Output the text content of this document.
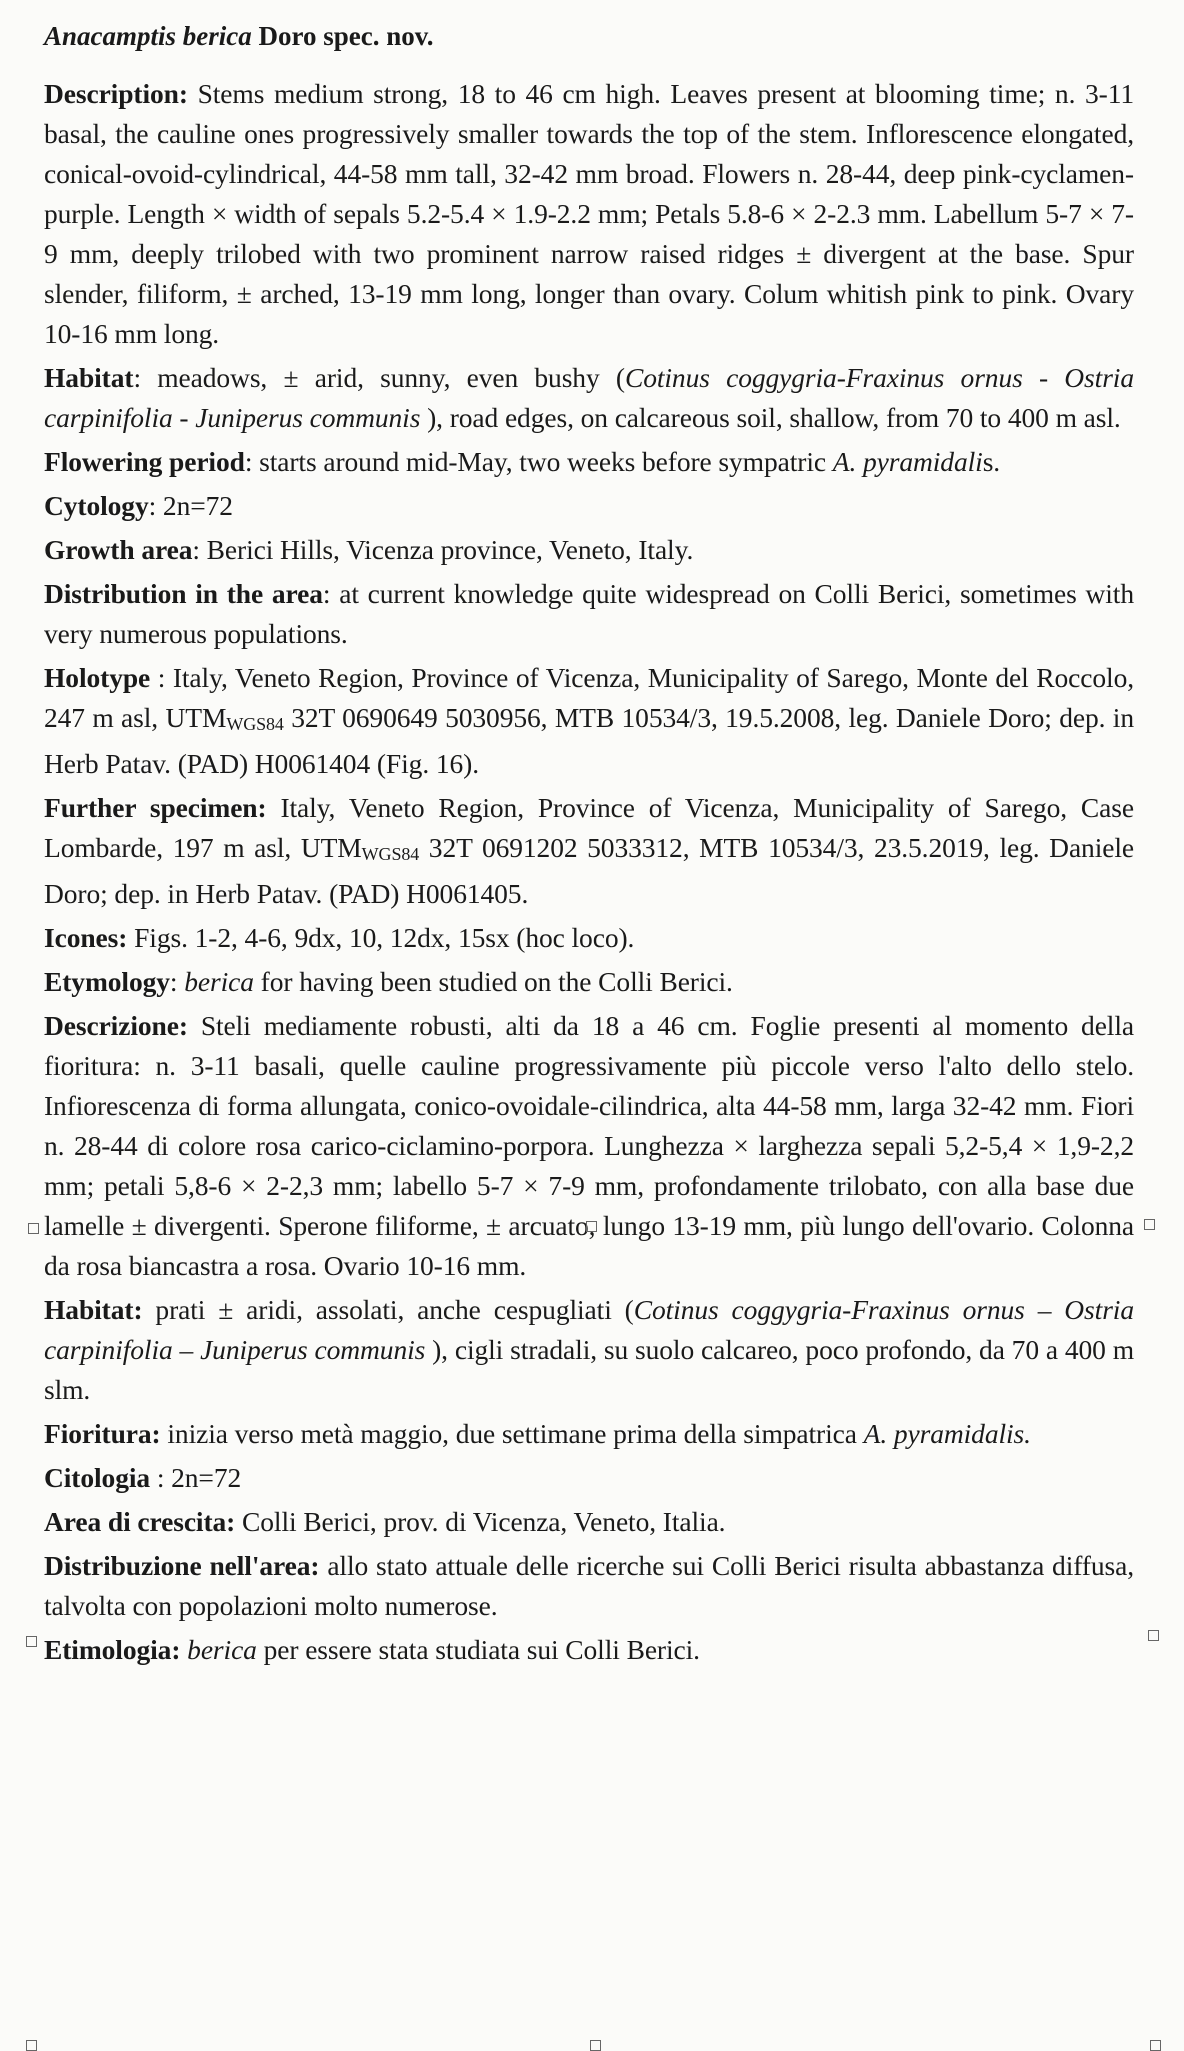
Anacamptis berica Doro spec. nov.

Description: Stems medium strong, 18 to 46 cm high. Leaves present at blooming time; n. 3-11 basal, the cauline ones progressively smaller towards the top of the stem. Inflorescence elongated, conical-ovoid-cylindrical, 44-58 mm tall, 32-42 mm broad. Flowers n. 28-44, deep pink-cyclamen-purple. Length × width of sepals 5.2-5.4 × 1.9-2.2 mm; Petals 5.8-6 × 2-2.3 mm. Labellum 5-7 × 7-9 mm, deeply trilobed with two prominent narrow raised ridges ± divergent at the base. Spur slender, filiform, ± arched, 13-19 mm long, longer than ovary. Colum whitish pink to pink. Ovary 10-16 mm long.

Habitat: meadows, ± arid, sunny, even bushy (Cotinus coggygria-Fraxinus ornus - Ostria carpinifolia - Juniperus communis ), road edges, on calcareous soil, shallow, from 70 to 400 m asl.

Flowering period: starts around mid-May, two weeks before sympatric A. pyramidalis.

Cytology: 2n=72

Growth area: Berici Hills, Vicenza province, Veneto, Italy.

Distribution in the area: at current knowledge quite widespread on Colli Berici, sometimes with very numerous populations.

Holotype : Italy, Veneto Region, Province of Vicenza, Municipality of Sarego, Monte del Roccolo, 247 m asl, UTMWGS84 32T 0690649 5030956, MTB 10534/3, 19.5.2008, leg. Daniele Doro; dep. in Herb Patav. (PAD) H0061404 (Fig. 16).

Further specimen: Italy, Veneto Region, Province of Vicenza, Municipality of Sarego, Case Lombarde, 197 m asl, UTMWGS84 32T 0691202 5033312, MTB 10534/3, 23.5.2019, leg. Daniele Doro; dep. in Herb Patav. (PAD) H0061405.

Icones: Figs. 1-2, 4-6, 9dx, 10, 12dx, 15sx (hoc loco).

Etymology: berica for having been studied on the Colli Berici.

Descrizione: Steli mediamente robusti, alti da 18 a 46 cm. Foglie presenti al momento della fioritura: n. 3-11 basali, quelle cauline progressivamente più piccole verso l'alto dello stelo. Infiorescenza di forma allungata, conico-ovoidale-cilindrica, alta 44-58 mm, larga 32-42 mm. Fiori n. 28-44 di colore rosa carico-ciclamino-porpora. Lunghezza × larghezza sepali 5,2-5,4 × 1,9-2,2 mm; petali 5,8-6 × 2-2,3 mm; labello 5-7 × 7-9 mm, profondamente trilobato, con alla base due lamelle ± divergenti. Sperone filiforme, ± arcuato, lungo 13-19 mm, più lungo dell'ovario. Colonna da rosa biancastra a rosa. Ovario 10-16 mm.

Habitat: prati ± aridi, assolati, anche cespugliati (Cotinus coggygria-Fraxinus ornus – Ostria carpinifolia – Juniperus communis ), cigli stradali, su suolo calcareo, poco profondo, da 70 a 400 m slm.

Fioritura: inizia verso metà maggio, due settimane prima della simpatrica A. pyramidalis.

Citologia : 2n=72

Area di crescita: Colli Berici, prov. di Vicenza, Veneto, Italia.

Distribuzione nell'area: allo stato attuale delle ricerche sui Colli Berici risulta abbastanza diffusa, talvolta con popolazioni molto numerose.

Etimologia: berica per essere stata studiata sui Colli Berici.
